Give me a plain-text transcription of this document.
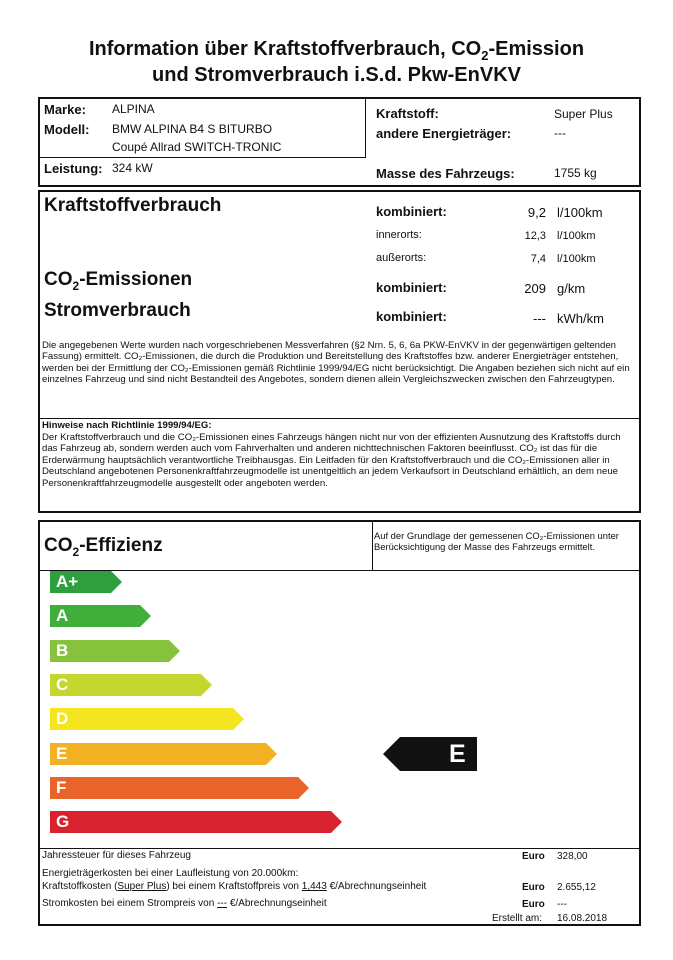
Information über Kraftstoffverbrauch, $CO_2$-Emission
und Stromverbrauch i.S.d. Pkw-EnVKV
Marke: ALPINA
Modell: BMW ALPINA B4 S BITURBO
Coupé Allrad SWITCH-TRONIC
Leistung: 324 kW
Kraftstoff:	Super Plus
andere Energieträger:	---
Masse des Fahrzeugs:	1755 kg
Kraftstoffverbrauch	kombiniert:	9,2 l/100km
innerorts:	12,3 l/100km
außerorts:	7,4 l/100km
$CO_2$-Emissionen	kombiniert:	209 g/km
Stromverbrauch	kombiniert:	--- kWh/km
Die angegebenen Werte wurden nach vorgeschriebenen Messverfahren (§2 Nrn. 5, 6, 6a PKW-EnVKV in der gegenwärtigen geltenden Fassung) ermittelt. CO₂-Emissionen, die durch die Produktion und Bereitstellung des Kraftstoffes bzw. anderer Energieträger entstehen, werden bei der Ermittlung der CO₂-Emissionen gemäß Richtlinie 1999/94/EG nicht berücksichtigt. Die Angaben beziehen sich nicht auf ein einzelnes Fahrzeug und sind nicht Bestandteil des Angebotes, sondern dienen allein Vergleichszwecken zwischen den Fahrzeugtypen.
Hinweise nach Richtlinie 1999/94/EG:
Der Kraftstoffverbrauch und die CO₂-Emissionen eines Fahrzeugs hängen nicht nur von der effizienten Ausnutzung des Kraftstoffs durch das Fahrzeug ab, sondern werden auch vom Fahrverhalten und anderen nichttechnischen Faktoren beeinflusst. CO₂ ist das für die Erderwärmung hauptsächlich verantwortliche Treibhausgas. Ein Leitfaden für den Kraftstoffverbrauch und die CO₂-Emissionen aller in Deutschland angebotenen Personenkraftfahrzeugmodelle ist unentgeltlich an jedem Verkaufsort in Deutschland erhältlich, an dem neue Personenkraftfahrzeugmodelle ausgestellt oder angeboten werden.
$CO_2$-Effizienz	Auf der Grundlage der gemessenen CO₂-Emissionen unter Berücksichtigung der Masse des Fahrzeugs ermittelt.
A+
A
B
C
D
E
F
G
E
Jahressteuer für dieses Fahrzeug	Euro 328,00
Energieträgerkosten bei einer Laufleistung von 20.000km:
Kraftstoffkosten (Super Plus) bei einem Kraftstoffpreis von 1,443 €/Abrechnungseinheit	Euro 2.655,12
Stromkosten bei einem Strompreis von --- €/Abrechnungseinheit	Euro ---
Erstellt am: 16.08.2018
